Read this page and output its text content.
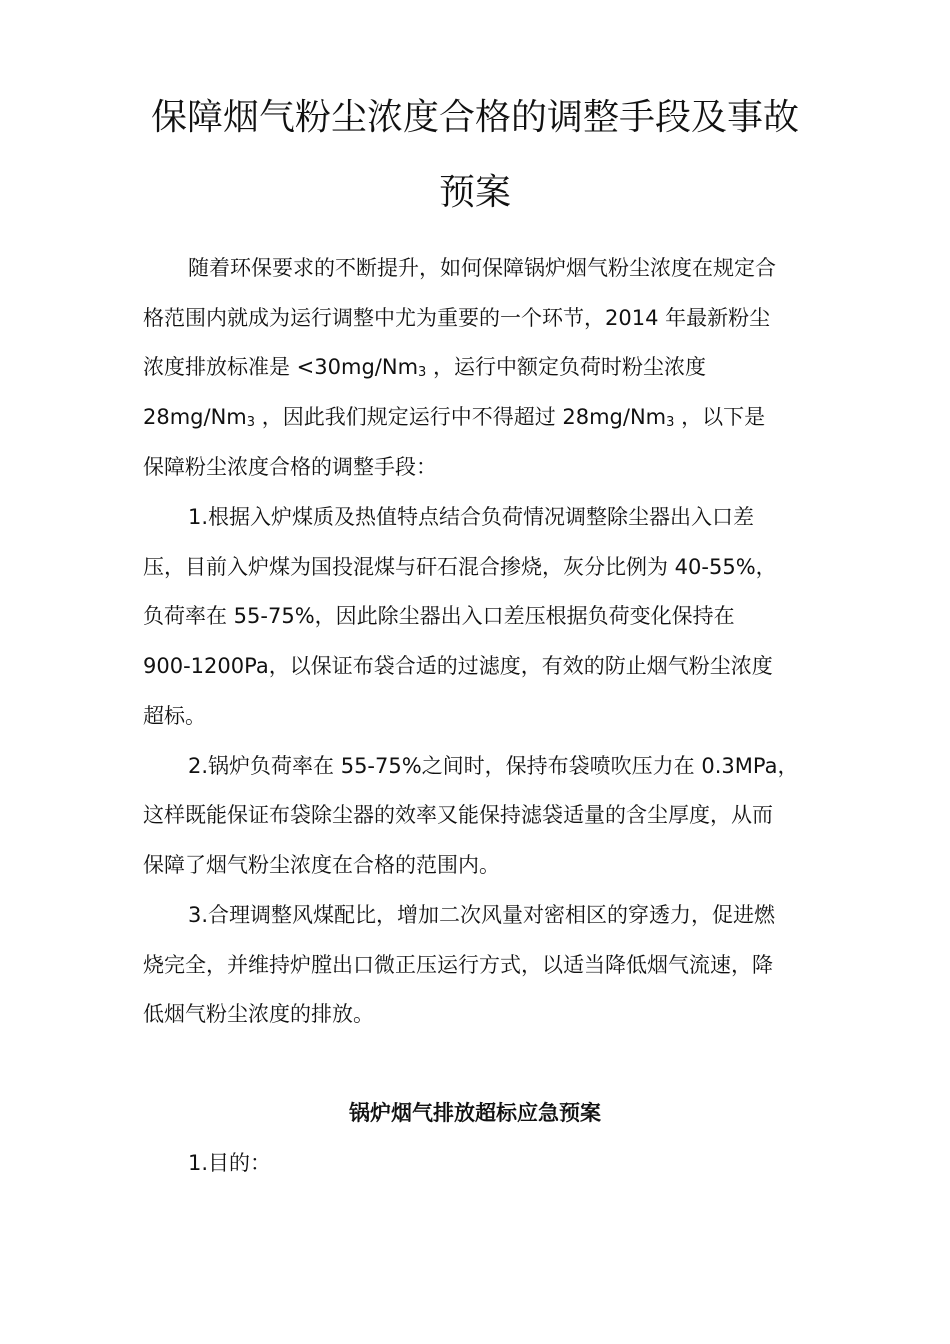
保障烟气粉尘浓度合格的调整手段及事故
预案

随着环保要求的不断提升，如何保障锅炉烟气粉尘浓度在规定合

格范围内就成为运行调整中尤为重要的一个环节，2014 年最新粉尘

浓度排放标准是 <30mg/Nm3 ，运行中额定负荷时粉尘浓度

28mg/Nm3 ，因此我们规定运行中不得超过 28mg/Nm3 ，以下是

保障粉尘浓度合格的调整手段：

1.根据入炉煤质及热值特点结合负荷情况调整除尘器出入口差

压，目前入炉煤为国投混煤与矸石混合掺烧，灰分比例为 40-55%，

负荷率在 55-75%，因此除尘器出入口差压根据负荷变化保持在

900-1200Pa，以保证布袋合适的过滤度，有效的防止烟气粉尘浓度

超标。

2.锅炉负荷率在 55-75%之间时，保持布袋喷吹压力在 0.3MPa，

这样既能保证布袋除尘器的效率又能保持滤袋适量的含尘厚度，从而

保障了烟气粉尘浓度在合格的范围内。

3.合理调整风煤配比，增加二次风量对密相区的穿透力，促进燃

烧完全，并维持炉膛出口微正压运行方式，以适当降低烟气流速，降

低烟气粉尘浓度的排放。

锅炉烟气排放超标应急预案

1.目的：
